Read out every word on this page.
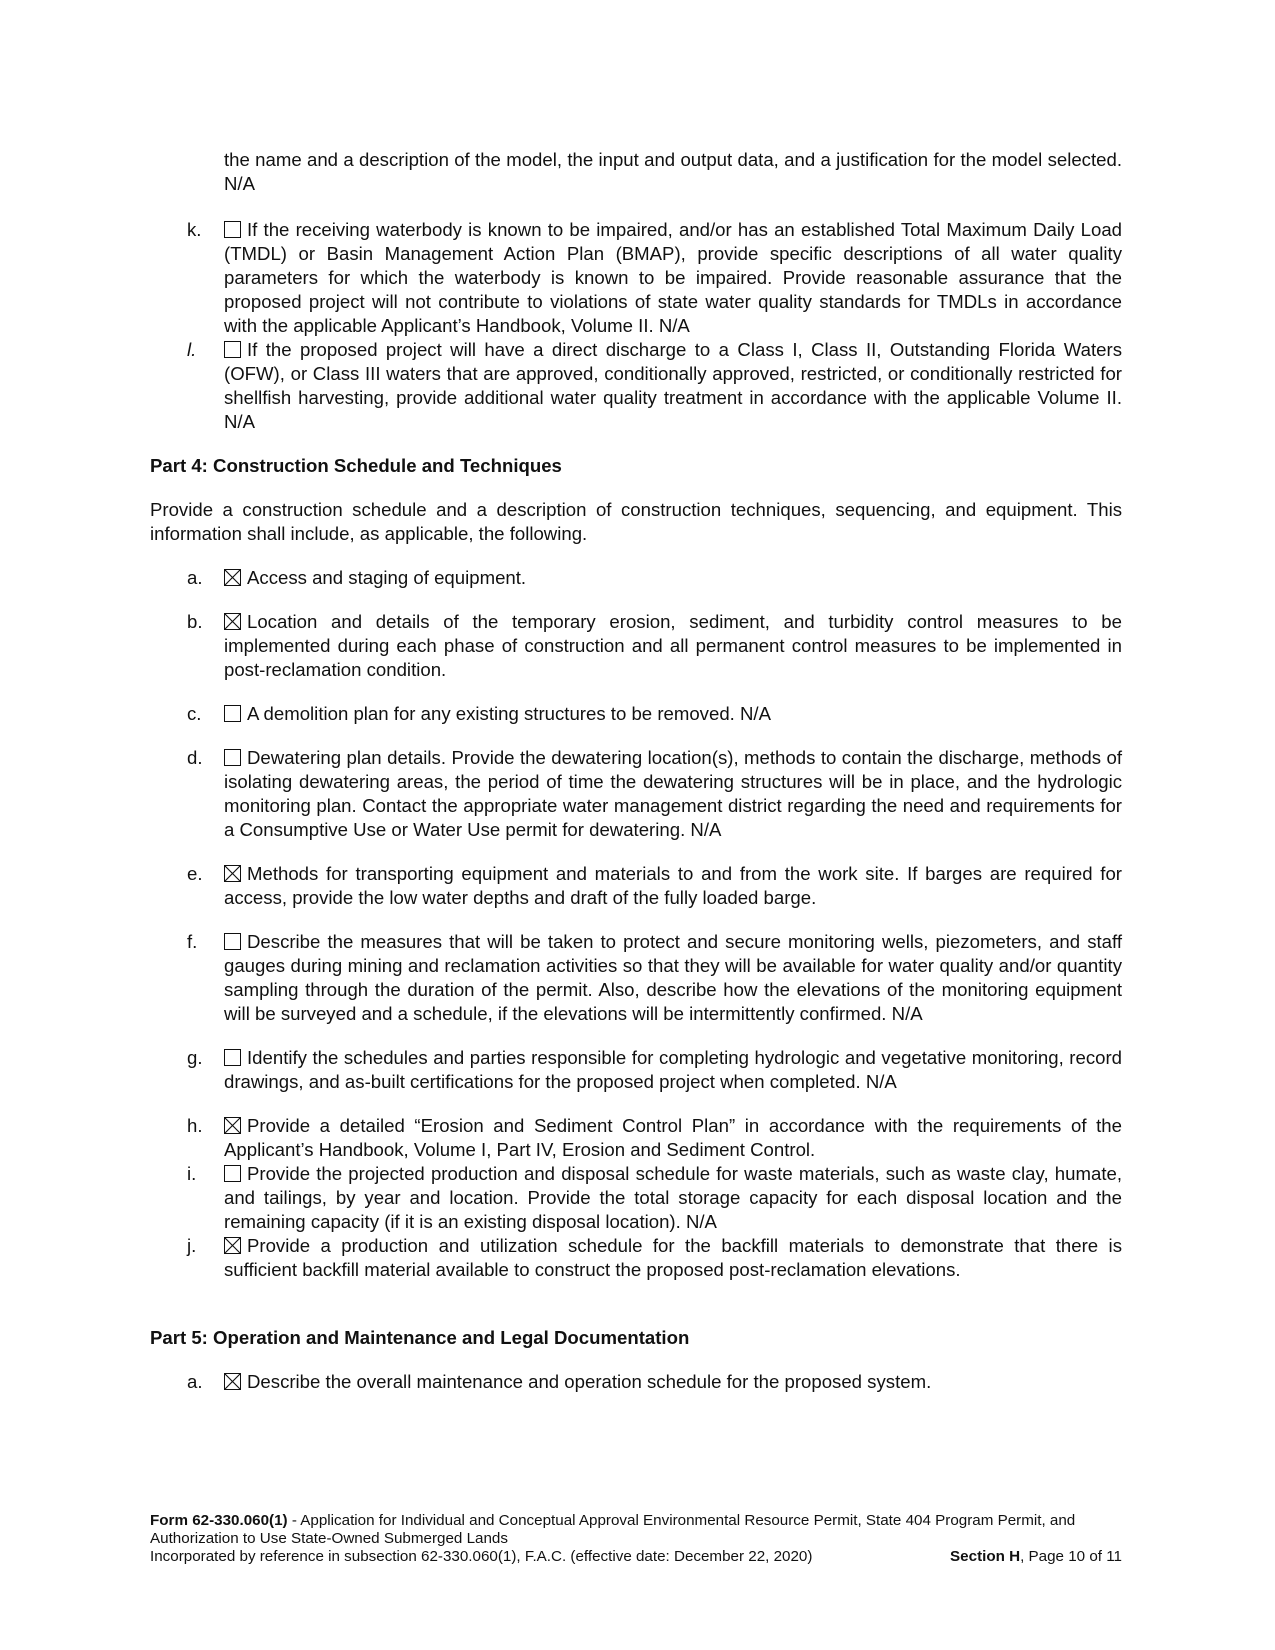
the name and a description of the model, the input and output data, and a justification for the model selected. N/A
k.	If the receiving waterbody is known to be impaired, and/or has an established Total Maximum Daily Load (TMDL) or Basin Management Action Plan (BMAP), provide specific descriptions of all water quality parameters for which the waterbody is known to be impaired. Provide reasonable assurance that the proposed project will not contribute to violations of state water quality standards for TMDLs in accordance with the applicable Applicant’s Handbook, Volume II. N/A
l.	If the proposed project will have a direct discharge to a Class I, Class II, Outstanding Florida Waters (OFW), or Class III waters that are approved, conditionally approved, restricted, or conditionally restricted for shellfish harvesting, provide additional water quality treatment in accordance with the applicable Volume II. N/A
Part 4: Construction Schedule and Techniques
Provide a construction schedule and a description of construction techniques, sequencing, and equipment. This information shall include, as applicable, the following.
a.	Access and staging of equipment.
b.	Location and details of the temporary erosion, sediment, and turbidity control measures to be implemented during each phase of construction and all permanent control measures to be implemented in post-reclamation condition.
c.	A demolition plan for any existing structures to be removed. N/A
d.	Dewatering plan details. Provide the dewatering location(s), methods to contain the discharge, methods of isolating dewatering areas, the period of time the dewatering structures will be in place, and the hydrologic monitoring plan. Contact the appropriate water management district regarding the need and requirements for a Consumptive Use or Water Use permit for dewatering. N/A
e.	Methods for transporting equipment and materials to and from the work site. If barges are required for access, provide the low water depths and draft of the fully loaded barge.
f.	Describe the measures that will be taken to protect and secure monitoring wells, piezometers, and staff gauges during mining and reclamation activities so that they will be available for water quality and/or quantity sampling through the duration of the permit. Also, describe how the elevations of the monitoring equipment will be surveyed and a schedule, if the elevations will be intermittently confirmed. N/A
g.	Identify the schedules and parties responsible for completing hydrologic and vegetative monitoring, record drawings, and as-built certifications for the proposed project when completed. N/A
h.	Provide a detailed “Erosion and Sediment Control Plan” in accordance with the requirements of the Applicant’s Handbook, Volume I, Part IV, Erosion and Sediment Control.
i.	Provide the projected production and disposal schedule for waste materials, such as waste clay, humate, and tailings, by year and location. Provide the total storage capacity for each disposal location and the remaining capacity (if it is an existing disposal location). N/A
j.	Provide a production and utilization schedule for the backfill materials to demonstrate that there is sufficient backfill material available to construct the proposed post-reclamation elevations.
Part 5: Operation and Maintenance and Legal Documentation
a.	Describe the overall maintenance and operation schedule for the proposed system.
Form 62-330.060(1) - Application for Individual and Conceptual Approval Environmental Resource Permit, State 404 Program Permit, and Authorization to Use State-Owned Submerged Lands
Incorporated by reference in subsection 62-330.060(1), F.A.C. (effective date: December 22, 2020)	Section H, Page 10 of 11
